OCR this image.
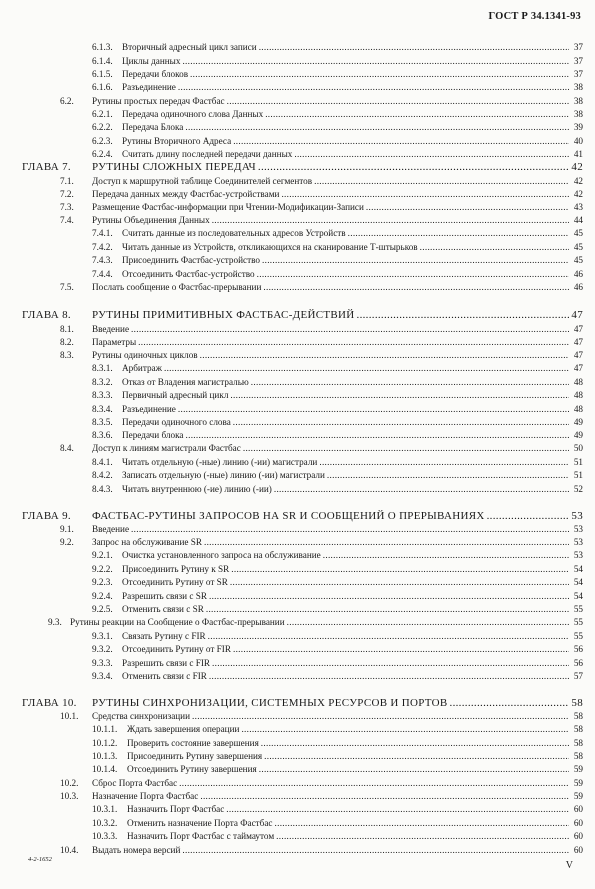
ГОСТ Р 34.1341-93
6.1.3. Вторичный адресный цикл записи .....	37
6.1.4. Циклы данных .....	37
6.1.5. Передачи блоков .....	37
6.1.6. Разъединение .....	38
6.2. Рутины простых передач Фастбас .....	38
6.2.1. Передача одиночного слова Данных .....	38
6.2.2. Передача Блока .....	39
6.2.3. Рутины Вторичного Адреса .....	40
6.2.4. Считать длину последней передачи данных .....	41
ГЛАВА 7. РУТИНЫ СЛОЖНЫХ ПЕРЕДАЧ .....	42
7.1. Доступ к маршрутной таблице Соединителей сегментов .....	42
7.2. Передача данных между Фастбас-устройствами .....	42
7.3. Размещение Фастбас-информации при Чтении-Модификации-Записи .....	43
7.4. Рутины Объединения Данных .....	44
7.4.1. Считать данные из последовательных адресов Устройств .....	45
7.4.2. Читать данные из Устройств, откликающихся на сканирование Т-штырьков .....	45
7.4.3. Присоединить Фастбас-устройство .....	45
7.4.4. Отсоединить Фастбас-устройство .....	46
7.5. Послать сообщение о Фастбас-прерывании .....	46
ГЛАВА 8. РУТИНЫ ПРИМИТИВНЫХ ФАСТБАС-ДЕЙСТВИЙ .....	47
8.1. Введение .....	47
8.2. Параметры .....	47
8.3. Рутины одиночных циклов .....	47
8.3.1. Арбитраж .....	47
8.3.2. Отказ от Владения магистралью .....	48
8.3.3. Первичный адресный цикл .....	48
8.3.4. Разъединение .....	48
8.3.5. Передачи одиночного слова .....	49
8.3.6. Передачи блока .....	49
8.4. Доступ к линиям магистрали Фастбас .....	50
8.4.1. Читать отдельную (-ные) линию (-ии) магистрали .....	51
8.4.2. Записать отдельную (-ные) линию (-ии) магистрали .....	51
8.4.3. Читать внутреннюю (-ие) линию (-ии) .....	52
ГЛАВА 9. ФАСТБАС-РУТИНЫ ЗАПРОСОВ НА SR И СООБЩЕНИЙ О ПРЕРЫВАНИЯХ .....	53
9.1. Введение .....	53
9.2. Запрос на обслуживание SR .....	53
9.2.1. Очистка установленного запроса на обслуживание .....	53
9.2.2. Присоединить Рутину к SR .....	54
9.2.3. Отсоединить Рутину от SR .....	54
9.2.4. Разрешить связи с SR .....	54
9.2.5. Отменить связи с SR .....	55
9.3. Рутины реакции на Сообщение о Фастбас-прерывании .....	55
9.3.1. Связать Рутину с FIR .....	55
9.3.2. Отсоединить Рутину от FIR .....	56
9.3.3. Разрешить связи с FIR .....	56
9.3.4. Отменить связи с FIR .....	57
ГЛАВА 10. РУТИНЫ СИНХРОНИЗАЦИИ, СИСТЕМНЫХ РЕСУРСОВ И ПОРТОВ .....	58
10.1. Средства синхронизации .....	58
10.1.1. Ждать завершения операции .....	58
10.1.2. Проверить состояние завершения .....	58
10.1.3. Присоединить Рутину завершения .....	58
10.1.4. Отсоединить Рутину завершения .....	59
10.2. Сброс Порта Фастбас .....	59
10.3. Назначение Порта Фастбас .....	59
10.3.1. Назначить Порт Фастбас .....	60
10.3.2. Отменить назначение Порта Фастбас .....	60
10.3.3. Назначить Порт Фастбас с таймаутом .....	60
10.4. Выдать номера версий .....	60
4-2-1652
V
